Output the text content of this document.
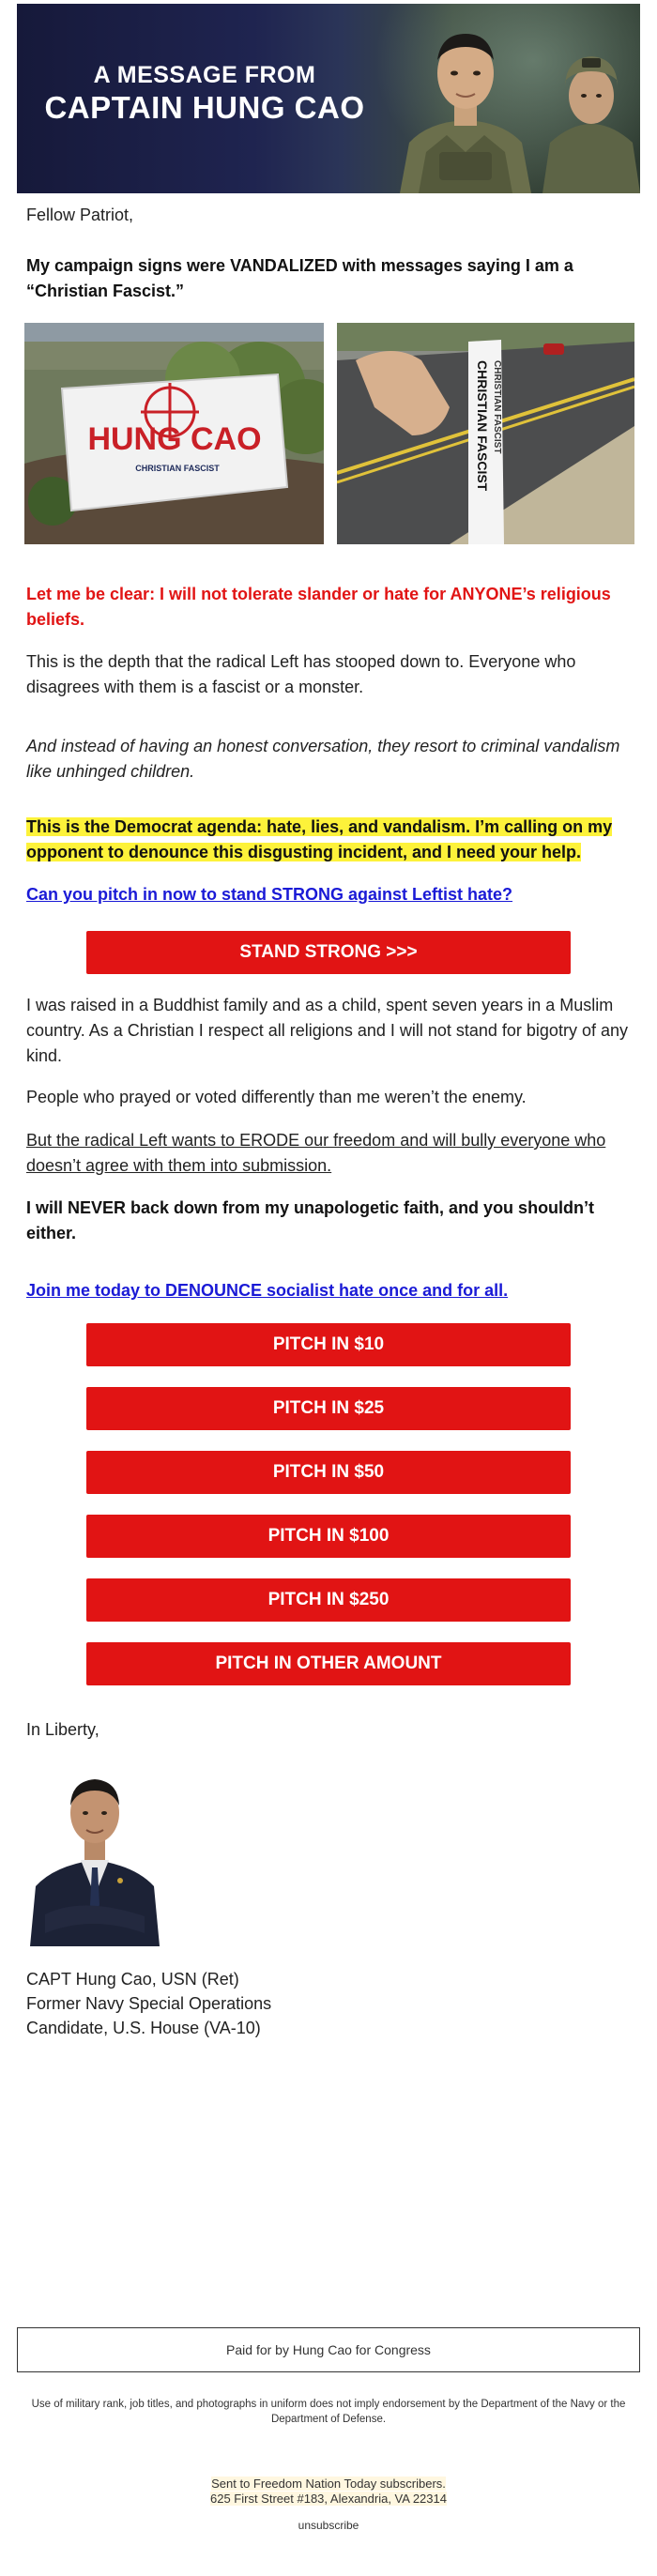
A MESSAGE FROM
CAPTAIN HUNG CAO
Fellow Patriot,
My campaign signs were VANDALIZED with messages saying I am a “Christian Fascist.”
HUNG CAO
CHRISTIAN FASCIST	CHRISTIAN FASCIST CHRISTIAN FASCIST
Let me be clear: I will not tolerate slander or hate for ANYONE’s religious beliefs.
This is the depth that the radical Left has stooped down to. Everyone who disagrees with them is a fascist or a monster.
And instead of having an honest conversation, they resort to criminal vandalism like unhinged children.
This is the Democrat agenda: hate, lies, and vandalism. I’m calling on my opponent to denounce this disgusting incident, and I need your help.
Can you pitch in now to stand STRONG against Leftist hate?
STAND STRONG >>>
I was raised in a Buddhist family and as a child, spent seven years in a Muslim country. As a Christian I respect all religions and I will not stand for bigotry of any kind.
People who prayed or voted differently than me weren’t the enemy.
But the radical Left wants to ERODE our freedom and will bully everyone who doesn’t agree with them into submission.
I will NEVER back down from my unapologetic faith, and you shouldn’t either.
Join me today to DENOUNCE socialist hate once and for all.
PITCH IN $10
PITCH IN $25
PITCH IN $50
PITCH IN $100
PITCH IN $250
PITCH IN OTHER AMOUNT
In Liberty,
CAPT Hung Cao, USN (Ret)
Former Navy Special Operations
Candidate, U.S. House (VA-10)
Paid for by Hung Cao for Congress
Use of military rank, job titles, and photographs in uniform does not imply endorsement by the Department of the Navy or the Department of Defense.
Sent to Freedom Nation Today subscribers.
625 First Street #183, Alexandria, VA 22314
unsubscribe
